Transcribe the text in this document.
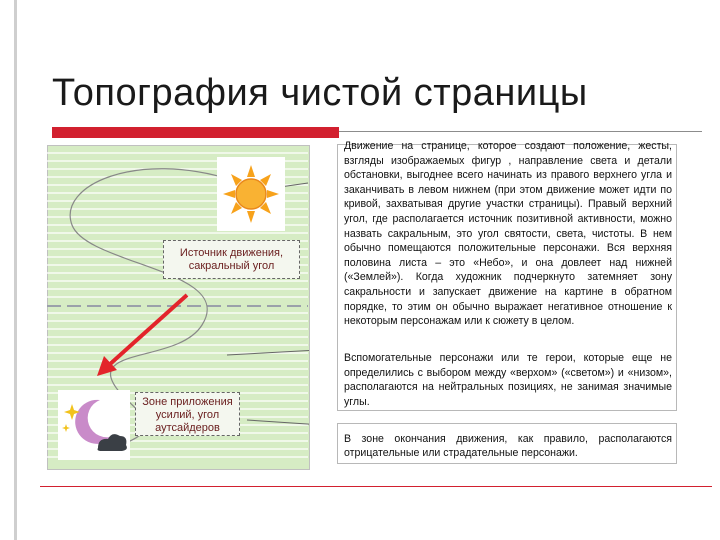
Топография чистой страницы
Источник движения, сакральный угол
Зоне приложения усилий, угол аутсайдеров
Движение на странице, которое создают положение, жесты, взгляды изображаемых фигур , направление света и детали обстановки, выгоднее всего начинать из правого верхнего угла и заканчивать в левом нижнем (при этом движение может идти по кривой, захватывая другие участки страницы). Правый верхний угол, где располагается источник позитивной активности, можно назвать сакральным, это угол святости, света, чистоты. В нем обычно помещаются положительные персонажи. Вся верхняя половина листа – это «Небо», и она довлеет над нижней («Землей»). Когда художник подчеркнуто затемняет зону сакральности и запускает движение на картине в обратном порядке, то этим он обычно выражает негативное отношение к некоторым персонажам или к сюжету в целом.
Вспомогательные персонажи или те герои, которые еще не определились с выбором между «верхом» («светом») и «низом», располагаются на нейтральных позициях, не занимая значимые углы.
В зоне окончания движения, как правило, располагаются отрицательные или страдательные персонажи.
